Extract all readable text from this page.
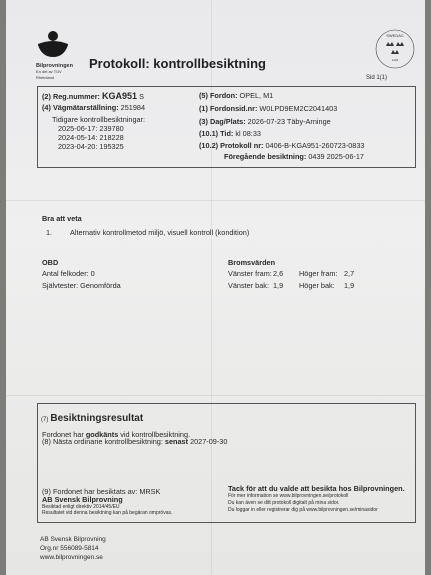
Bilprovningen
En del av TÜV Rheinland
Protokoll: kontrollbesiktning
SWEDAC
1124
Sid 1(1)
(2) Reg.nummer: KGA951 S
(4) Vägmätarställning: 251984
Tidigare kontrollbesiktningar:
2025-06-17: 239780
2024-05-14: 218228
2023-04-20: 195325
(5) Fordon: OPEL, M1
(1) Fordonsid.nr: W0LPD9EM2C2041403
(3) Dag/Plats: 2026-07-23 Täby-Arninge
(10.1) Tid: kl 08:33
(10.2) Protokoll nr: 0406-B-KGA951-260723-0833
Föregående besiktning: 0439 2025-06-17
Bra att veta
1. Alternativ kontrollmetod miljö, visuell kontroll (kondition)
OBD
Antal felkoder: 0
Självtester: Genomförda
Bromsvärden
Vänster fram: 2,6 Höger fram: 2,7
Vänster bak: 1,9 Höger bak: 1,9
(7) Besiktningsresultat
Fordonet har godkänts vid kontrollbesiktning.
(8) Nästa ordinarie kontrollbesiktning: senast 2027-09-30
(9) Fordonet har besiktats av: MRSK
AB Svensk Bilprovning
Besiktad enligt direktiv 2014/45/EU
Resultatet vid denna besiktning kan på begäran omprövas.
Tack för att du valde att besikta hos Bilprovningen.
För mer information se www.bilprovningen.se/protokoll
Du kan även se ditt protokoll digitalt på mina sidor.
Du loggar in eller registrerar dig på www.bilprovningen.se/minasidor
AB Svensk Bilprovning
Org.nr 556089-5814
www.bilprovningen.se
